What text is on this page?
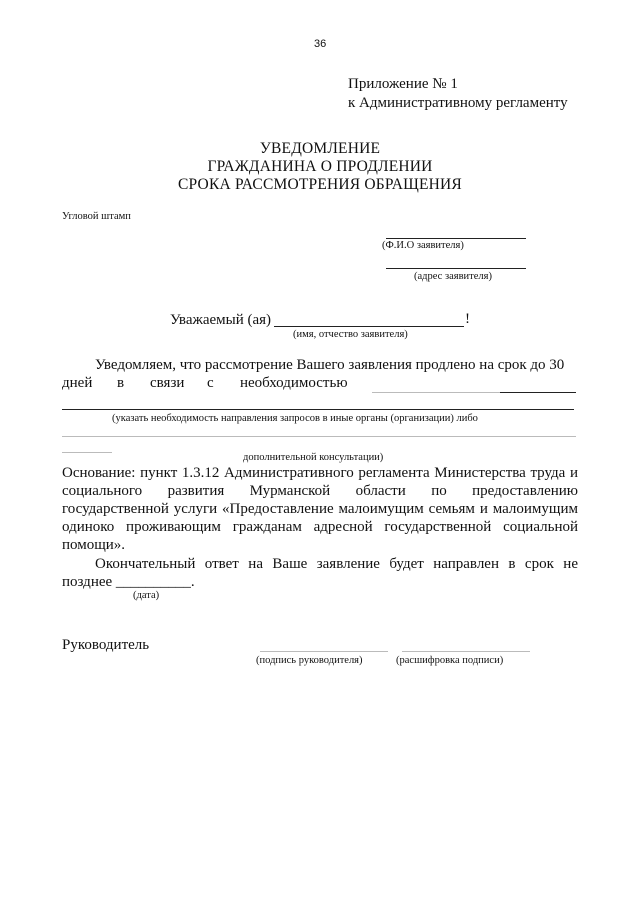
36
Приложение № 1
к Административному регламенту
УВЕДОМЛЕНИЕ
ГРАЖДАНИНА О ПРОДЛЕНИИ
СРОКА РАССМОТРЕНИЯ ОБРАЩЕНИЯ
Угловой штамп
(Ф.И.О заявителя)
(адрес заявителя)
Уважаемый (ая)	!
(имя, отчество заявителя)
Уведомляем, что рассмотрение Вашего заявления продлено на срок до 30
дней в связи с необходимостью
(указать необходимость направления запросов в иные органы (организации) либо
дополнительной консультации)
Основание: пункт 1.3.12 Административного регламента Министерства труда и
социального развития Мурманской области по предоставлению
государственной услуги «Предоставление малоимущим семьям и малоимущим
одиноко проживающим гражданам адресной государственной социальной
помощи».
Окончательный ответ на Ваше заявление будет направлен в срок не
позднее __________.
(дата)
Руководитель
(подпись руководителя)	(расшифровка подписи)
